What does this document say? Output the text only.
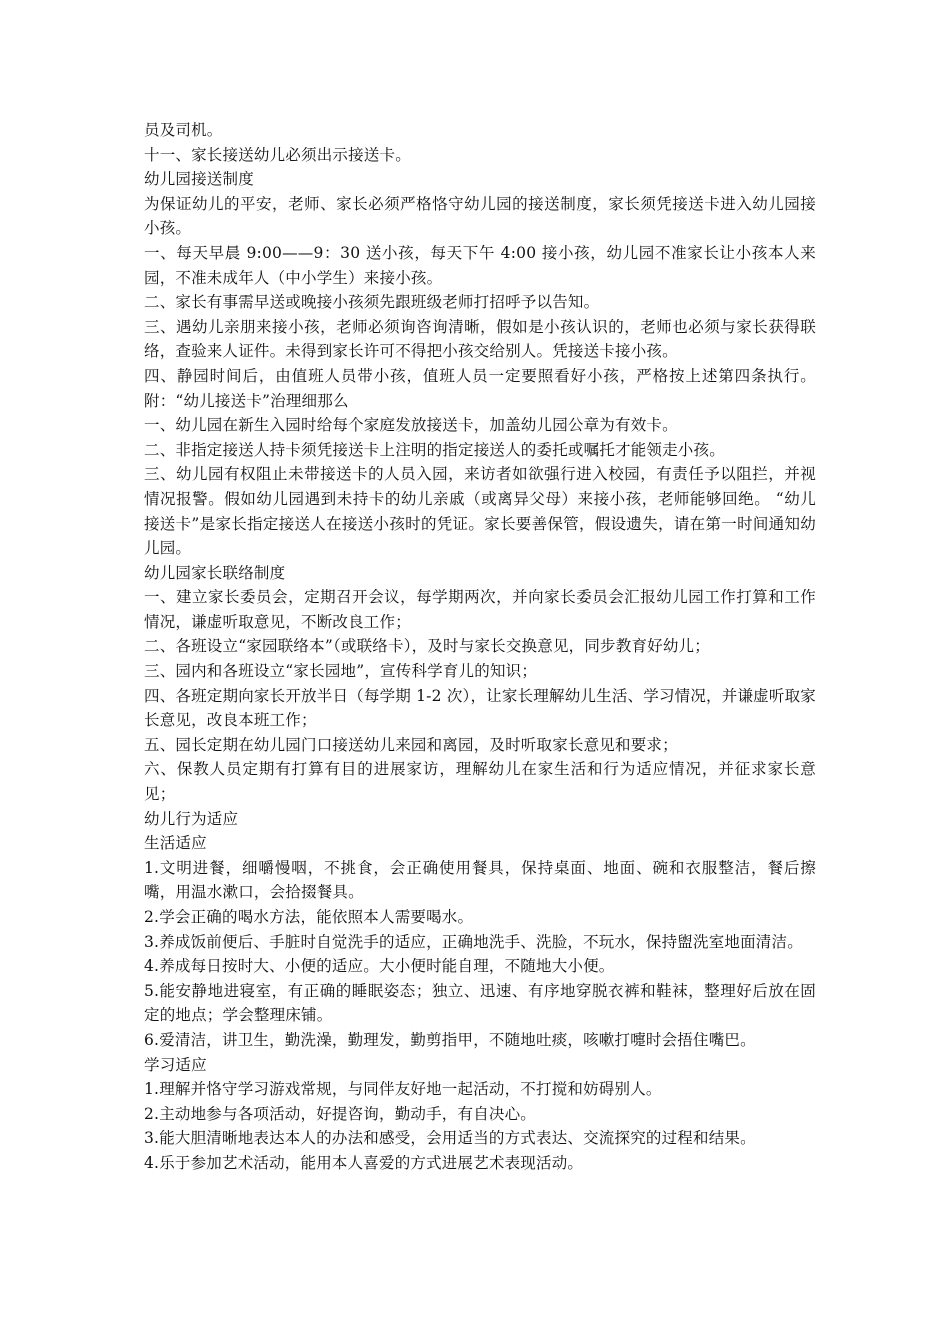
员及司机。

十一、家长接送幼儿必须出示接送卡。

幼儿园接送制度

为保证幼儿的平安，老师、家长必须严格恪守幼儿园的接送制度，家长须凭接送卡进入幼儿园接小孩。

一、每天早晨 9:00——9：30 送小孩，每天下午 4:00 接小孩，幼儿园不准家长让小孩本人来园，不准未成年人（中小学生）来接小孩。

二、家长有事需早送或晚接小孩须先跟班级老师打招呼予以告知。

三、遇幼儿亲朋来接小孩，老师必须询咨询清晰，假如是小孩认识的，老师也必须与家长获得联络，查验来人证件。未得到家长许可不得把小孩交给别人。凭接送卡接小孩。

四、静园时间后，由值班人员带小孩，值班人员一定要照看好小孩，严格按上述第四条执行。 附：“幼儿接送卡”治理细那么

一、幼儿园在新生入园时给每个家庭发放接送卡，加盖幼儿园公章为有效卡。

二、非指定接送人持卡须凭接送卡上注明的指定接送人的委托或嘱托才能领走小孩。

三、幼儿园有权阻止未带接送卡的人员入园，来访者如欲强行进入校园，有责任予以阻拦，并视情况报警。假如幼儿园遇到未持卡的幼儿亲戚（或离异父母）来接小孩，老师能够回绝。 “幼儿接送卡”是家长指定接送人在接送小孩时的凭证。家长要善保管，假设遗失，请在第一时间通知幼儿园。

幼儿园家长联络制度

一、建立家长委员会，定期召开会议，每学期两次，并向家长委员会汇报幼儿园工作打算和工作情况，谦虚听取意见，不断改良工作；

二、各班设立“家园联络本”（或联络卡），及时与家长交换意见，同步教育好幼儿；

三、园内和各班设立“家长园地”，宣传科学育儿的知识；

四、各班定期向家长开放半日（每学期 1-2 次），让家长理解幼儿生活、学习情况，并谦虚听取家长意见，改良本班工作；

五、园长定期在幼儿园门口接送幼儿来园和离园，及时听取家长意见和要求；

六、保教人员定期有打算有目的进展家访，理解幼儿在家生活和行为适应情况，并征求家长意见；

幼儿行为适应

生活适应

1.文明进餐，细嚼慢咽，不挑食，会正确使用餐具，保持桌面、地面、碗和衣服整洁，餐后擦嘴，用温水漱口，会拾掇餐具。

2.学会正确的喝水方法，能依照本人需要喝水。

3.养成饭前便后、手脏时自觉洗手的适应，正确地洗手、洗脸，不玩水，保持盥洗室地面清洁。

4.养成每日按时大、小便的适应。大小便时能自理，不随地大小便。

5.能安静地进寝室，有正确的睡眠姿态；独立、迅速、有序地穿脱衣裤和鞋袜，整理好后放在固定的地点；学会整理床铺。

6.爱清洁，讲卫生，勤洗澡，勤理发，勤剪指甲，不随地吐痰，咳嗽打嚏时会捂住嘴巴。

学习适应

1.理解并恪守学习游戏常规，与同伴友好地一起活动，不打搅和妨碍别人。

2.主动地参与各项活动，好提咨询，勤动手，有自决心。

3.能大胆清晰地表达本人的办法和感受，会用适当的方式表达、交流探究的过程和结果。

4.乐于参加艺术活动，能用本人喜爱的方式进展艺术表现活动。
